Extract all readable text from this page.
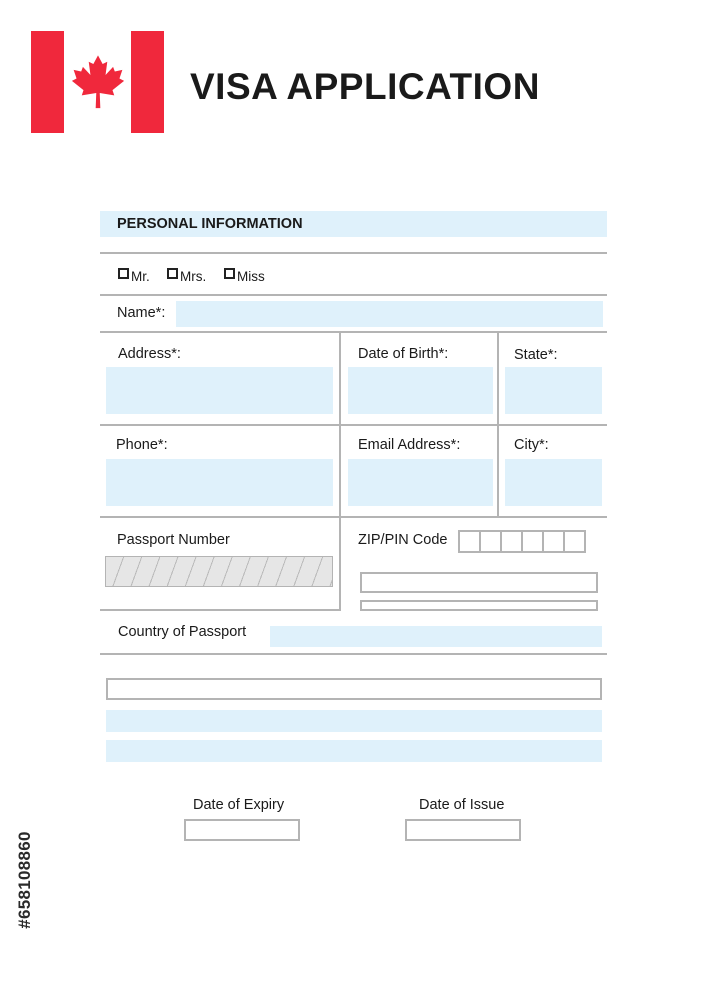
VISA APPLICATION
PERSONAL INFORMATION
Mr. Mrs. Miss
Name*:
Address*:	Date of Birth*:	State*:
Phone*:	Email Address*:	City*:
Passport Number	ZIP/PIN Code
Country of Passport
Date of Expiry	Date of Issue
#658108860
